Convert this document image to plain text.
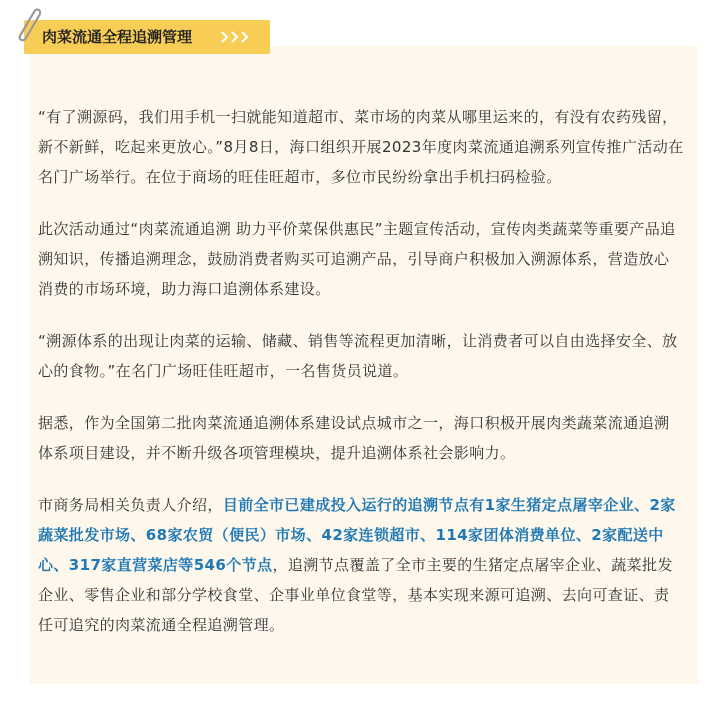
肉菜流通全程追溯管理

“有了溯源码，我们用手机一扫就能知道超市、菜市场的肉菜从哪里运来的，有没有农药残留，新不新鲜，吃起来更放心。”8月8日，海口组织开展2023年度肉菜流通追溯系列宣传推广活动在名门广场举行。在位于商场的旺佳旺超市，多位市民纷纷拿出手机扫码检验。

此次活动通过“肉菜流通追溯 助力平价菜保供惠民”主题宣传活动，宣传肉类蔬菜等重要产品追溯知识，传播追溯理念，鼓励消费者购买可追溯产品，引导商户积极加入溯源体系，营造放心消费的市场环境，助力海口追溯体系建设。

“溯源体系的出现让肉菜的运输、储藏、销售等流程更加清晰，让消费者可以自由选择安全、放心的食物。”在名门广场旺佳旺超市，一名售货员说道。

据悉，作为全国第二批肉菜流通追溯体系建设试点城市之一，海口积极开展肉类蔬菜流通追溯体系项目建设，并不断升级各项管理模块，提升追溯体系社会影响力。

市商务局相关负责人介绍，目前全市已建成投入运行的追溯节点有1家生猪定点屠宰企业、2家蔬菜批发市场、68家农贸（便民）市场、42家连锁超市、114家团体消费单位、2家配送中心、317家直营菜店等546个节点，追溯节点覆盖了全市主要的生猪定点屠宰企业、蔬菜批发企业、零售企业和部分学校食堂、企事业单位食堂等，基本实现来源可追溯、去向可查证、责任可追究的肉菜流通全程追溯管理。
